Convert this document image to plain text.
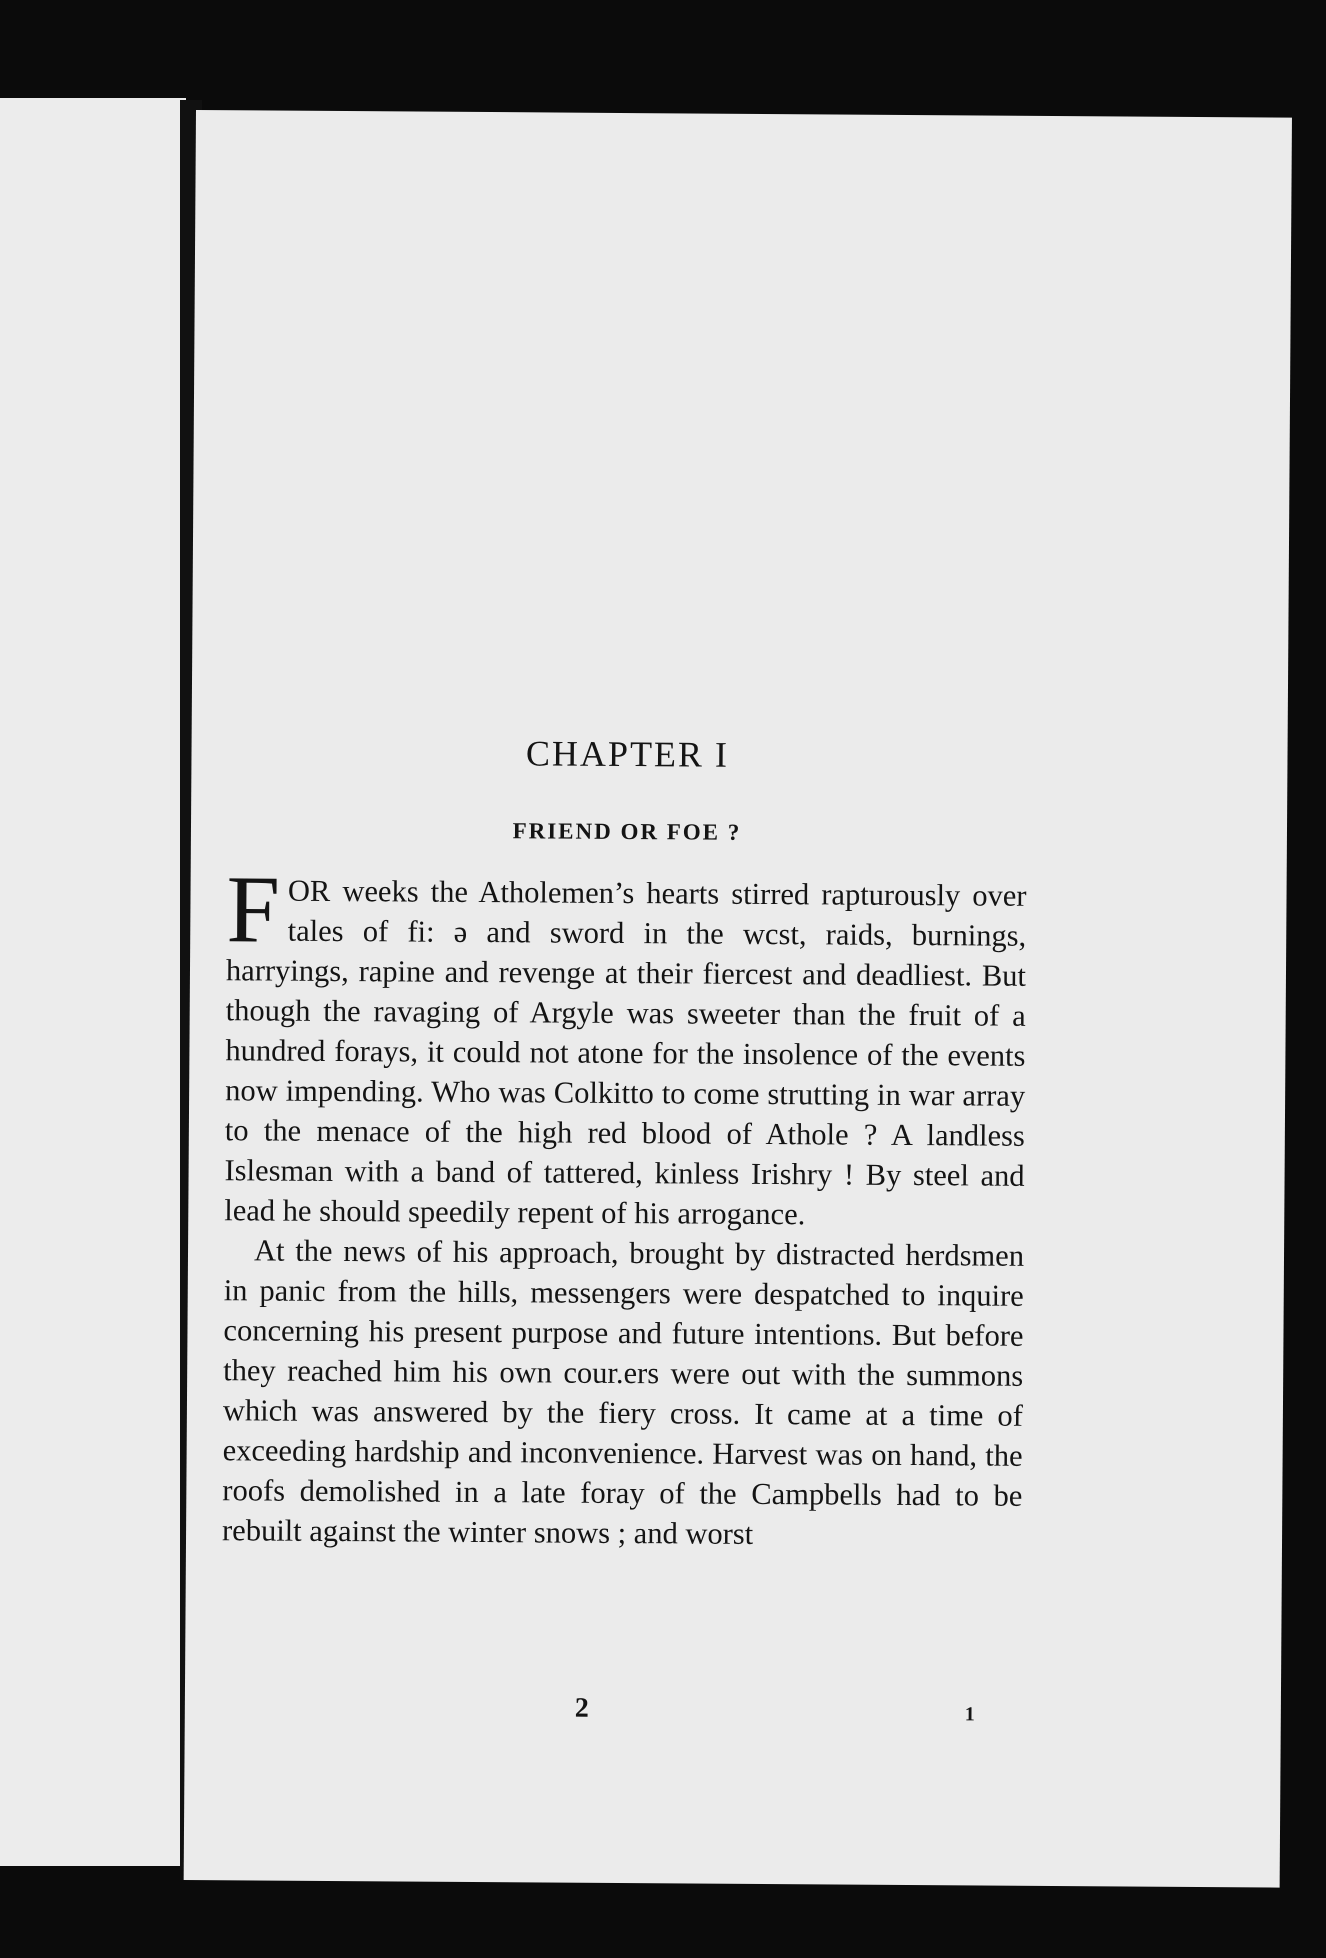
CHAPTER I
FRIEND OR FOE ?

FOR weeks the Atholemen’s hearts stirred rapturously over tales of fi: ə and sword in the wcst, raids, burnings, harryings, rapine and revenge at their fiercest and deadliest. But though the ravaging of Argyle was sweeter than the fruit of a hundred forays, it could not atone for the insolence of the events now impending. Who was Colkitto to come strutting in war array to the menace of the high red blood of Athole ? A landless Islesman with a band of tattered, kinless Irishry ! By steel and lead he should speedily repent of his arrogance.

At the news of his approach, brought by distracted herdsmen in panic from the hills, messengers were despatched to inquire concerning his present purpose and future intentions. But before they reached him his own cour.ers were out with the summons which was answered by the fiery cross. It came at a time of exceeding hardship and inconvenience. Harvest was on hand, the roofs demolished in a late foray of the Campbells had to be rebuilt against the winter snows ; and worst

2	1
